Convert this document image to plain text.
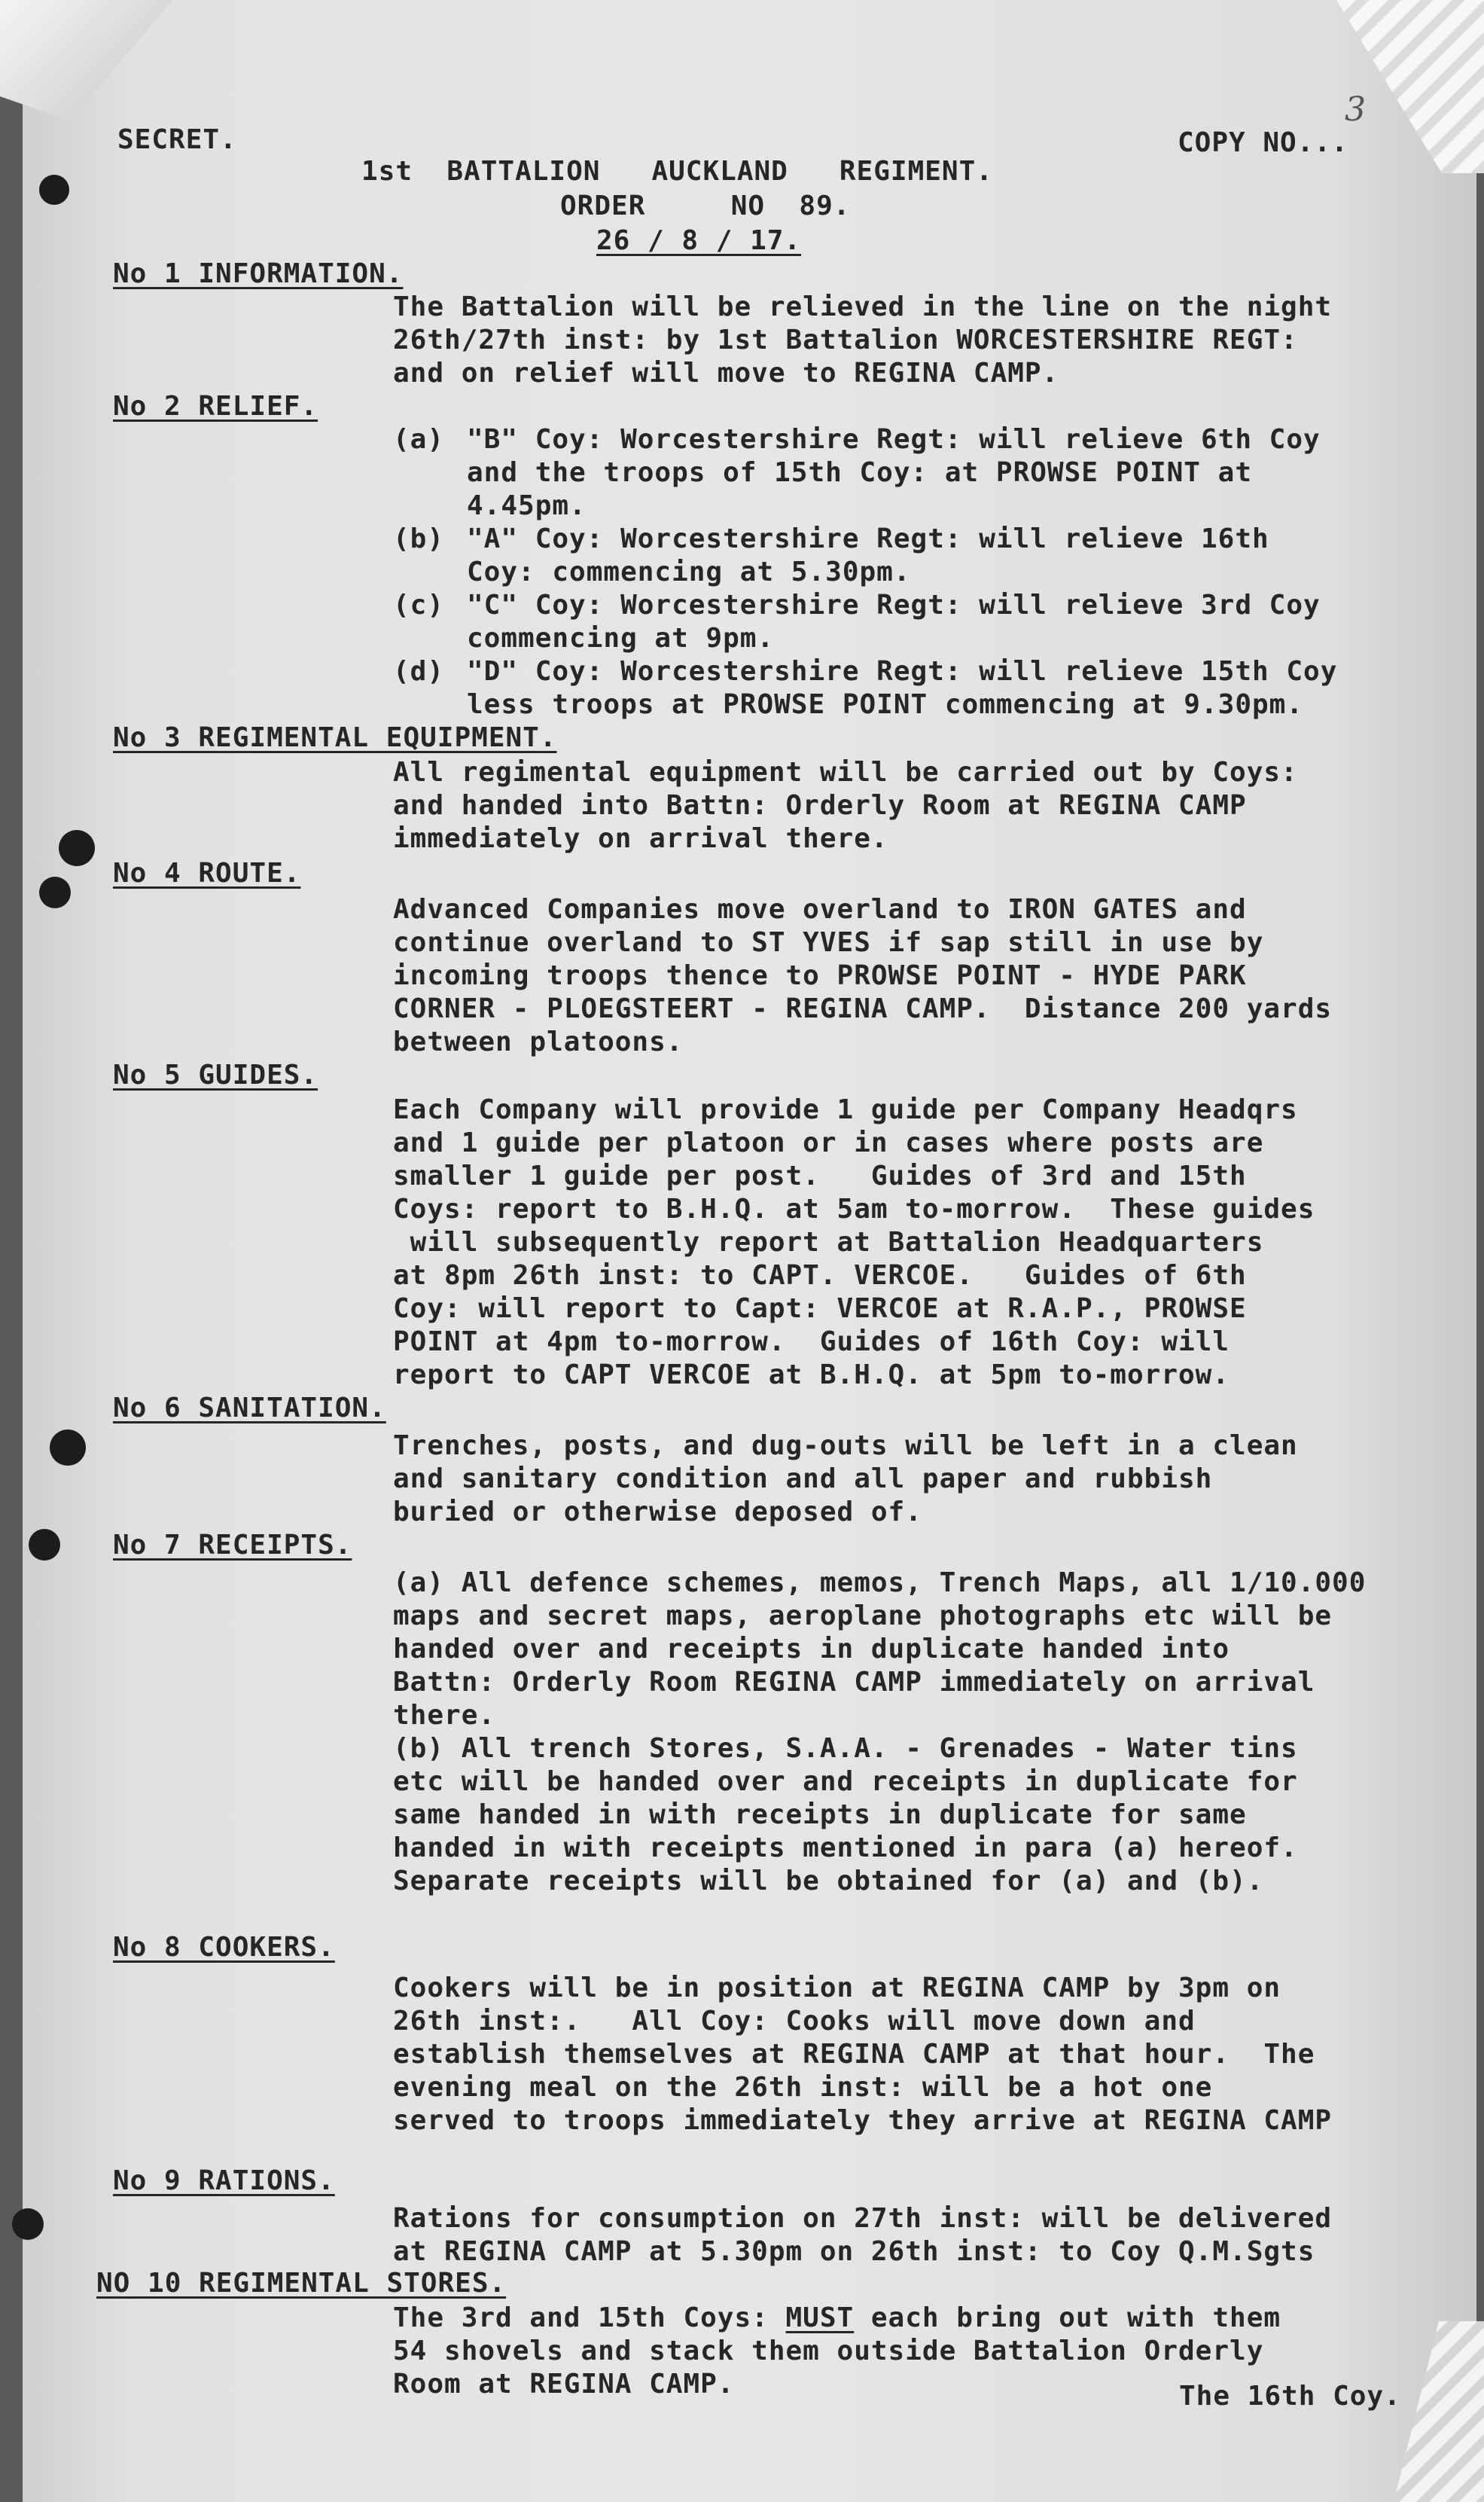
SECRET.	COPY NO...
3
1st  BATTALION   AUCKLAND   REGIMENT.
ORDER     NO  89.
26 / 8 / 17.
No 1 INFORMATION.
The Battalion will be relieved in the line on the night
26th/27th inst: by 1st Battalion WORCESTERSHIRE REGT:
and on relief will move to REGINA CAMP.
No 2 RELIEF.
(a) "B" Coy: Worcestershire Regt: will relieve 6th Coy
and the troops of 15th Coy: at PROWSE POINT at
4.45pm.
(b) "A" Coy: Worcestershire Regt: will relieve 16th
Coy: commencing at 5.30pm.
(c) "C" Coy: Worcestershire Regt: will relieve 3rd Coy
commencing at 9pm.
(d) "D" Coy: Worcestershire Regt: will relieve 15th Coy
less troops at PROWSE POINT commencing at 9.30pm.
No 3 REGIMENTAL EQUIPMENT.
All regimental equipment will be carried out by Coys:
and handed into Battn: Orderly Room at REGINA CAMP
immediately on arrival there.
No 4 ROUTE.
Advanced Companies move overland to IRON GATES and
continue overland to ST YVES if sap still in use by
incoming troops thence to PROWSE POINT - HYDE PARK
CORNER - PLOEGSTEERT - REGINA CAMP.  Distance 200 yards
between platoons.
No 5 GUIDES.
Each Company will provide 1 guide per Company Headqrs
and 1 guide per platoon or in cases where posts are
smaller 1 guide per post.   Guides of 3rd and 15th
Coys: report to B.H.Q. at 5am to-morrow.  These guides
will subsequently report at Battalion Headquarters
at 8pm 26th inst: to CAPT. VERCOE.   Guides of 6th
Coy: will report to Capt: VERCOE at R.A.P., PROWSE
POINT at 4pm to-morrow.  Guides of 16th Coy: will
report to CAPT VERCOE at B.H.Q. at 5pm to-morrow.
No 6 SANITATION.
Trenches, posts, and dug-outs will be left in a clean
and sanitary condition and all paper and rubbish
buried or otherwise deposed of.
No 7 RECEIPTS.
(a) All defence schemes, memos, Trench Maps, all 1/10.000
maps and secret maps, aeroplane photographs etc will be
handed over and receipts in duplicate handed into
Battn: Orderly Room REGINA CAMP immediately on arrival
there.
(b) All trench Stores, S.A.A. - Grenades - Water tins
etc will be handed over and receipts in duplicate for
same handed in with receipts in duplicate for same
handed in with receipts mentioned in para (a) hereof.
Separate receipts will be obtained for (a) and (b).
No 8 COOKERS.
Cookers will be in position at REGINA CAMP by 3pm on
26th inst:.   All Coy: Cooks will move down and
establish themselves at REGINA CAMP at that hour.  The
evening meal on the 26th inst: will be a hot one
served to troops immediately they arrive at REGINA CAMP
No 9 RATIONS.
Rations for consumption on 27th inst: will be delivered
at REGINA CAMP at 5.30pm on 26th inst: to Coy Q.M.Sgts
NO 10 REGIMENTAL STORES.
The 3rd and 15th Coys: MUST each bring out with them
54 shovels and stack them outside Battalion Orderly
Room at REGINA CAMP.	The 16th Coy.
